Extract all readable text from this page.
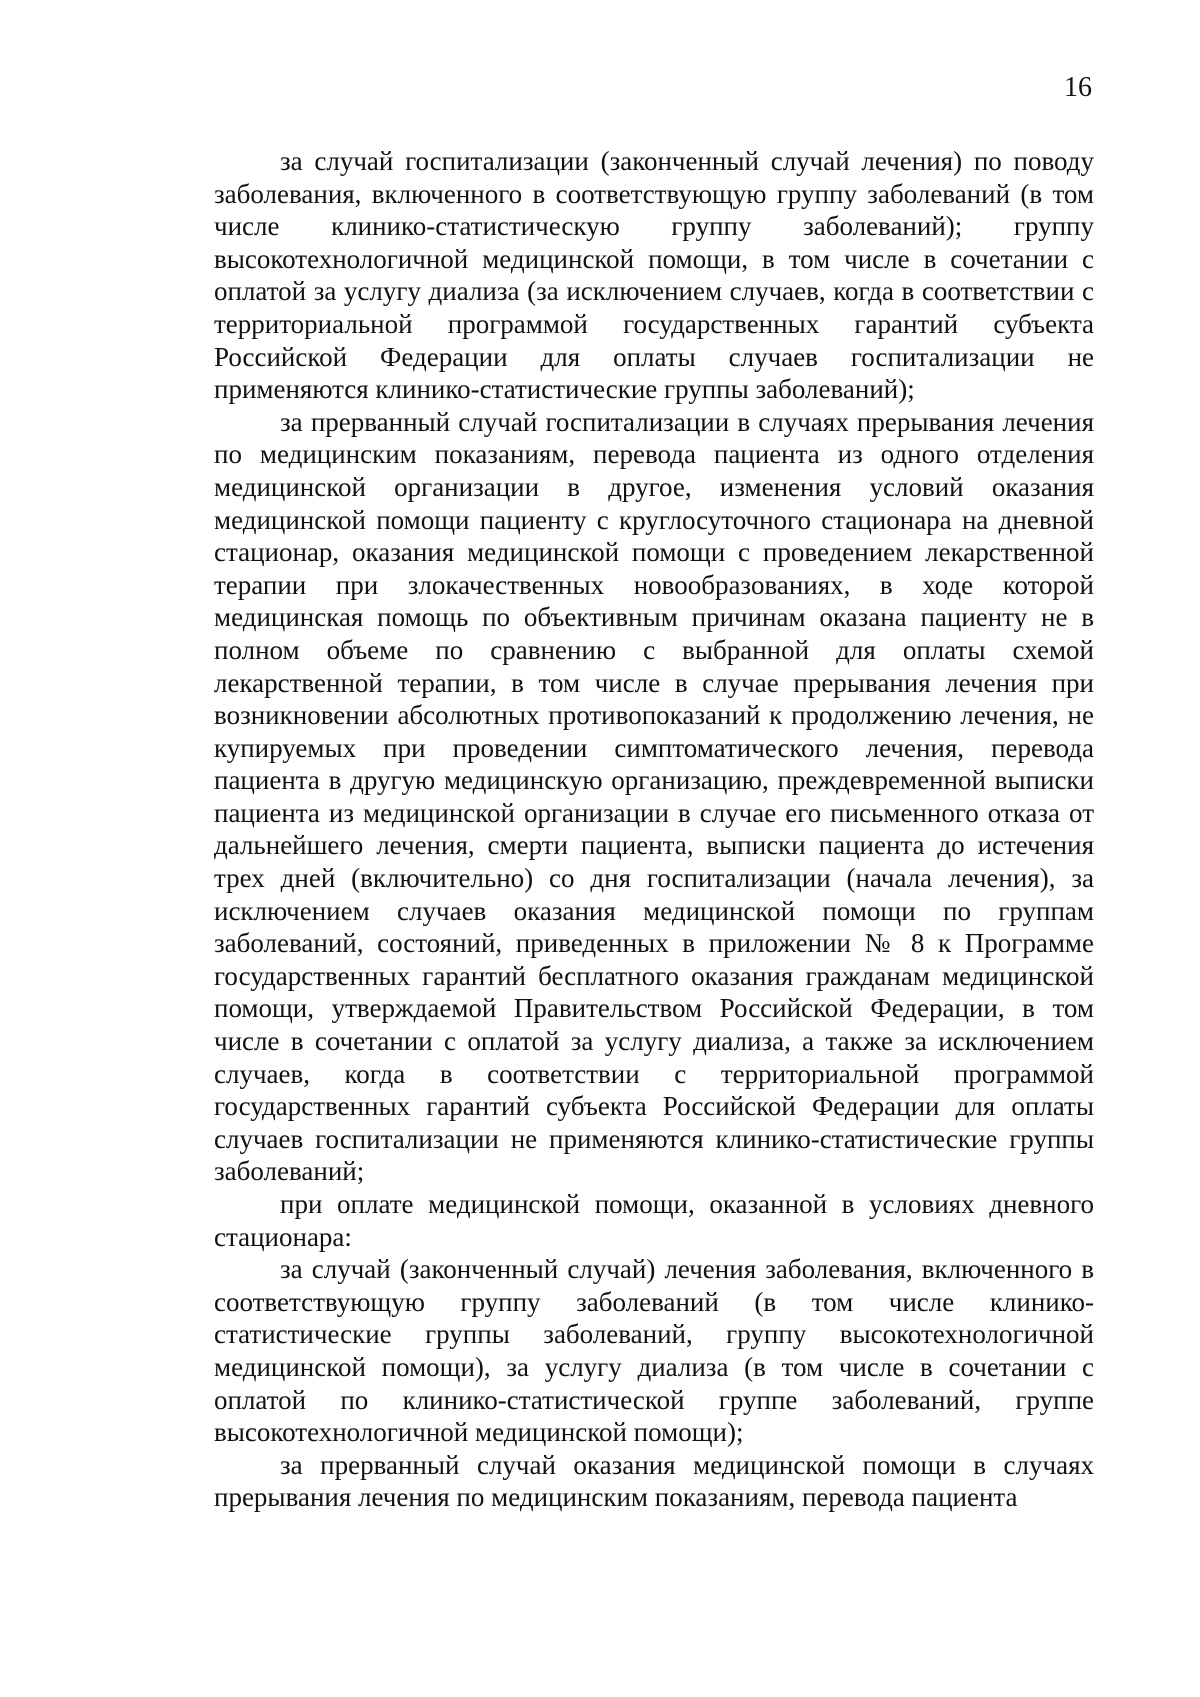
16

за случай госпитализации (законченный случай лечения) по поводу заболевания, включенного в соответствующую группу заболеваний (в том числе клинико-статистическую группу заболеваний); группу высокотехнологичной медицинской помощи, в том числе в сочетании с оплатой за услугу диализа (за исключением случаев, когда в соответствии с территориальной программой государственных гарантий субъекта Российской Федерации для оплаты случаев госпитализации не применяются клинико-статистические группы заболеваний);

за прерванный случай госпитализации в случаях прерывания лечения по медицинским показаниям, перевода пациента из одного отделения медицинской организации в другое, изменения условий оказания медицинской помощи пациенту с круглосуточного стационара на дневной стационар, оказания медицинской помощи с проведением лекарственной терапии при злокачественных новообразованиях, в ходе которой медицинская помощь по объективным причинам оказана пациенту не в полном объеме по сравнению с выбранной для оплаты схемой лекарственной терапии, в том числе в случае прерывания лечения при возникновении абсолютных противопоказаний к продолжению лечения, не купируемых при проведении симптоматического лечения, перевода пациента в другую медицинскую организацию, преждевременной выписки пациента из медицинской организации в случае его письменного отказа от дальнейшего лечения, смерти пациента, выписки пациента до истечения трех дней (включительно) со дня госпитализации (начала лечения), за исключением случаев оказания медицинской помощи по группам заболеваний, состояний, приведенных в приложении № 8 к Программе государственных гарантий бесплатного оказания гражданам медицинской помощи, утверждаемой Правительством Российской Федерации, в том числе в сочетании с оплатой за услугу диализа, а также за исключением случаев, когда в соответствии с территориальной программой государственных гарантий субъекта Российской Федерации для оплаты случаев госпитализации не применяются клинико-статистические группы заболеваний;

при оплате медицинской помощи, оказанной в условиях дневного стационара:

за случай (законченный случай) лечения заболевания, включенного в соответствующую группу заболеваний (в том числе клинико-статистические группы заболеваний, группу высокотехнологичной медицинской помощи), за услугу диализа (в том числе в сочетании с оплатой по клинико-статистической группе заболеваний, группе высокотехнологичной медицинской помощи);

за прерванный случай оказания медицинской помощи в случаях прерывания лечения по медицинским показаниям, перевода пациента
